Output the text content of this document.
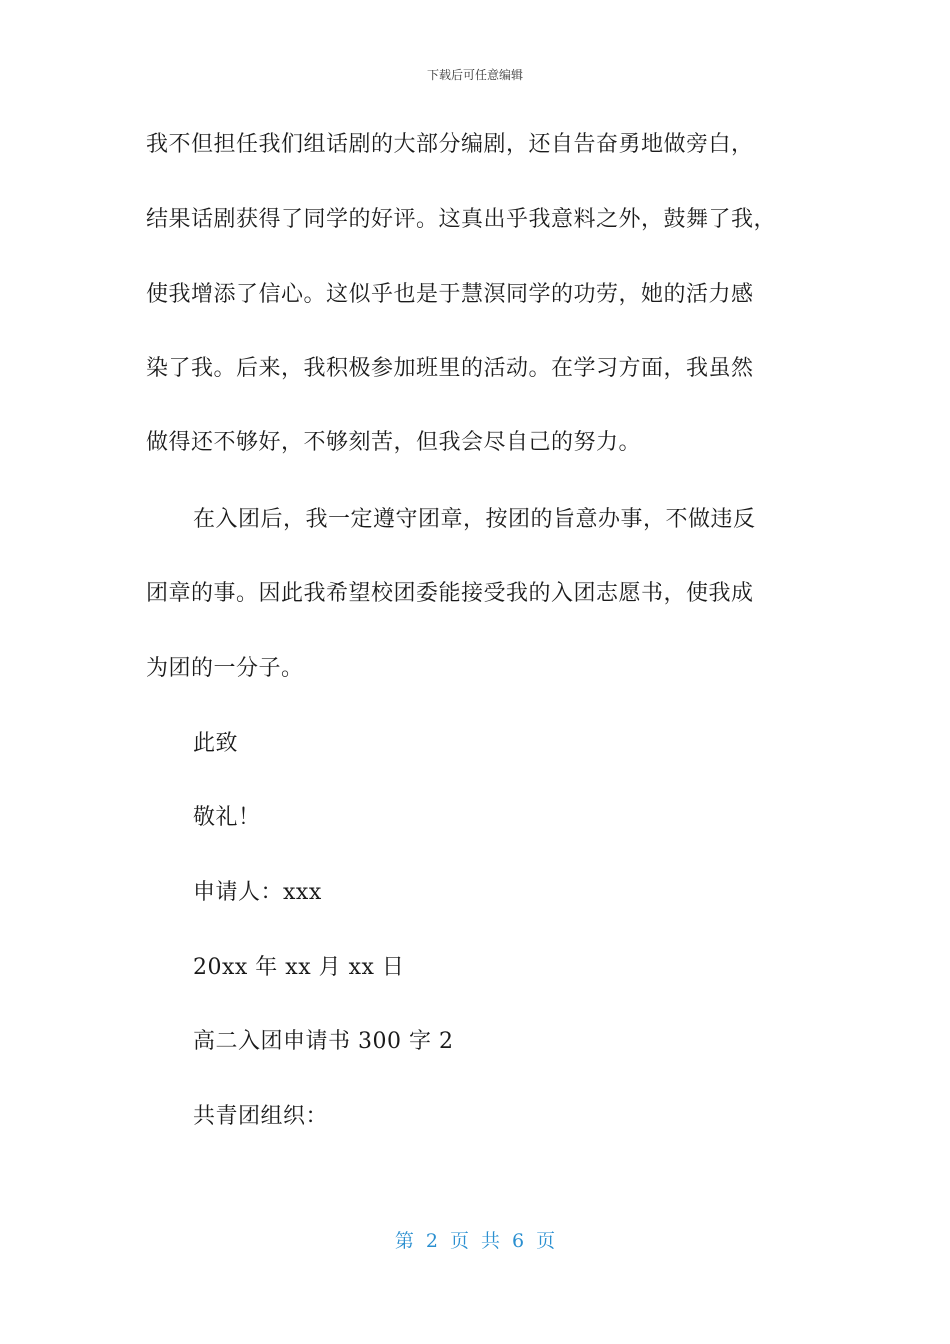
下载后可任意编辑
我不但担任我们组话剧的大部分编剧，还自告奋勇地做旁白，
结果话剧获得了同学的好评。这真出乎我意料之外，鼓舞了我，
使我增添了信心。这似乎也是于慧溟同学的功劳，她的活力感
染了我。后来，我积极参加班里的活动。在学习方面，我虽然
做得还不够好，不够刻苦，但我会尽自己的努力。
在入团后，我一定遵守团章，按团的旨意办事，不做违反
团章的事。因此我希望校团委能接受我的入团志愿书，使我成
为团的一分子。
此致
敬礼！
申请人：xxx
20xx 年 xx 月 xx 日
高二入团申请书 300 字 2
共青团组织：
第 2 页 共 6 页
